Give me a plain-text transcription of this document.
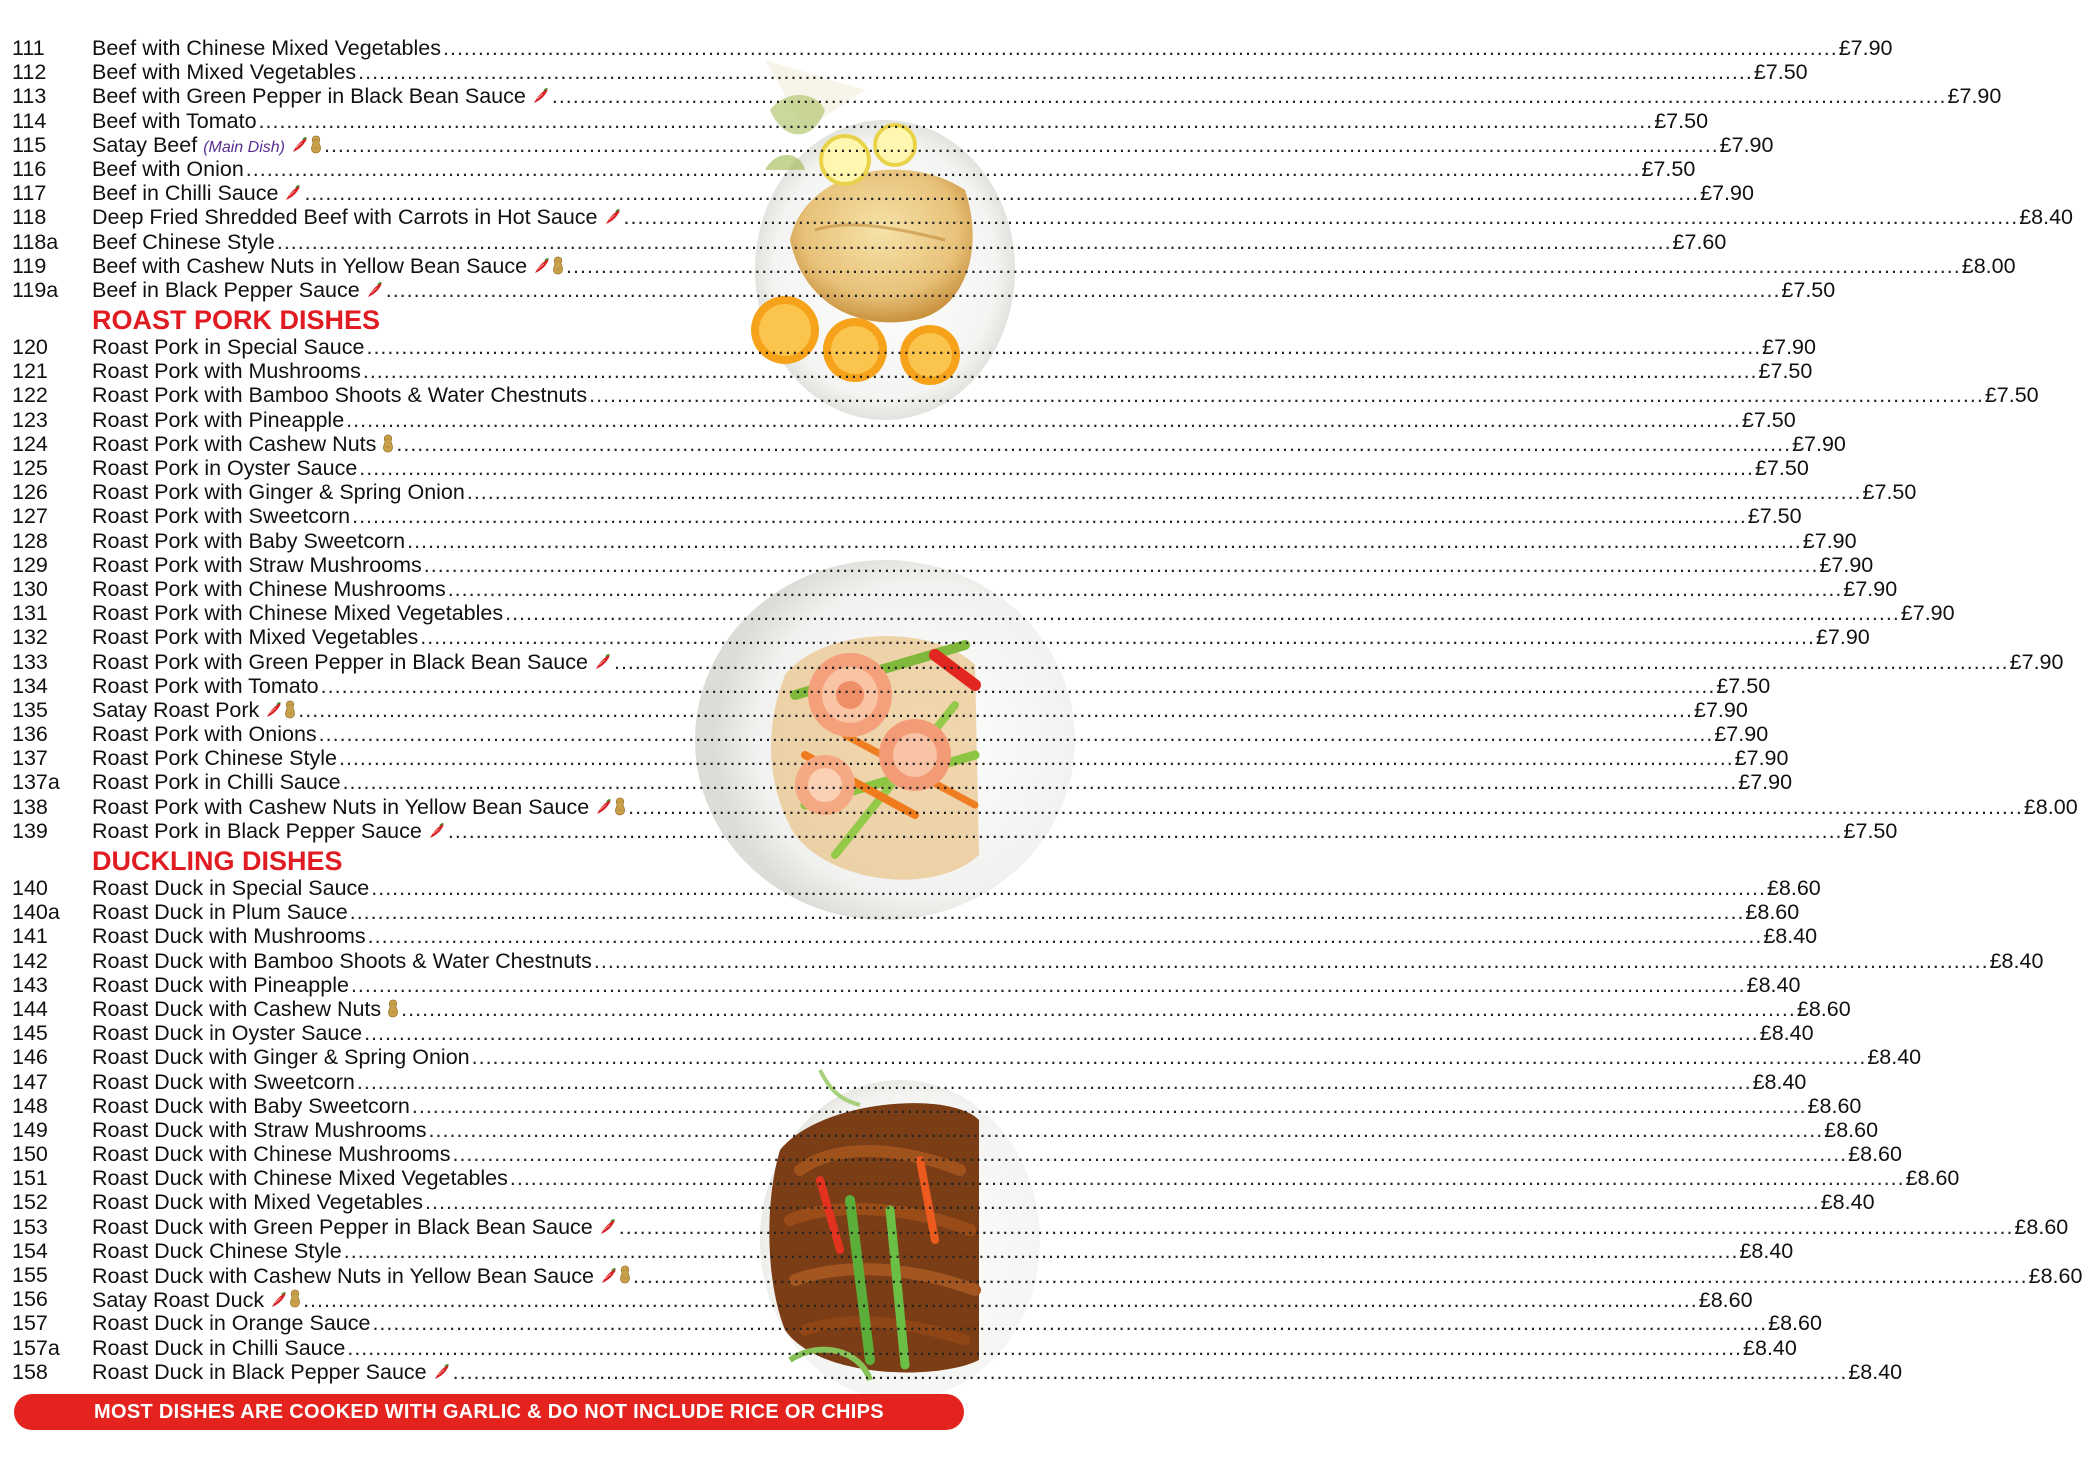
111 Beef with Chinese Mixed Vegetables ........................................................................................................................................................................................................ £7.90
112 Beef with Mixed Vegetables ........................................................................................................................................................................................................ £7.50
113 Beef with Green Pepper in Black Bean Sauce ........................................................................................................................................................................................................ £7.90
114 Beef with Tomato ........................................................................................................................................................................................................ £7.50
115 Satay Beef (Main Dish) ........................................................................................................................................................................................................ £7.90
116 Beef with Onion ........................................................................................................................................................................................................ £7.50
117 Beef in Chilli Sauce ........................................................................................................................................................................................................ £7.90
118 Deep Fried Shredded Beef with Carrots in Hot Sauce ........................................................................................................................................................................................................ £8.40
118a Beef Chinese Style ........................................................................................................................................................................................................ £7.60
119 Beef with Cashew Nuts in Yellow Bean Sauce ........................................................................................................................................................................................................ £8.00
119a Beef in Black Pepper Sauce ........................................................................................................................................................................................................ £7.50
ROAST PORK DISHES
120 Roast Pork in Special Sauce ........................................................................................................................................................................................................ £7.90
121 Roast Pork with Mushrooms ........................................................................................................................................................................................................ £7.50
122 Roast Pork with Bamboo Shoots & Water Chestnuts ........................................................................................................................................................................................................ £7.50
123 Roast Pork with Pineapple ........................................................................................................................................................................................................ £7.50
124 Roast Pork with Cashew Nuts ........................................................................................................................................................................................................ £7.90
125 Roast Pork in Oyster Sauce ........................................................................................................................................................................................................ £7.50
126 Roast Pork with Ginger & Spring Onion ........................................................................................................................................................................................................ £7.50
127 Roast Pork with Sweetcorn ........................................................................................................................................................................................................ £7.50
128 Roast Pork with Baby Sweetcorn ........................................................................................................................................................................................................ £7.90
129 Roast Pork with Straw Mushrooms ........................................................................................................................................................................................................ £7.90
130 Roast Pork with Chinese Mushrooms ........................................................................................................................................................................................................ £7.90
131 Roast Pork with Chinese Mixed Vegetables ........................................................................................................................................................................................................ £7.90
132 Roast Pork with Mixed Vegetables ........................................................................................................................................................................................................ £7.90
133 Roast Pork with Green Pepper in Black Bean Sauce ........................................................................................................................................................................................................ £7.90
134 Roast Pork with Tomato ........................................................................................................................................................................................................ £7.50
135 Satay Roast Pork ........................................................................................................................................................................................................ £7.90
136 Roast Pork with Onions ........................................................................................................................................................................................................ £7.90
137 Roast Pork Chinese Style ........................................................................................................................................................................................................ £7.90
137a Roast Pork in Chilli Sauce ........................................................................................................................................................................................................ £7.90
138 Roast Pork with Cashew Nuts in Yellow Bean Sauce ........................................................................................................................................................................................................ £8.00
139 Roast Pork in Black Pepper Sauce ........................................................................................................................................................................................................ £7.50
DUCKLING DISHES
140 Roast Duck in Special Sauce ........................................................................................................................................................................................................ £8.60
140a Roast Duck in Plum Sauce ........................................................................................................................................................................................................ £8.60
141 Roast Duck with Mushrooms ........................................................................................................................................................................................................ £8.40
142 Roast Duck with Bamboo Shoots & Water Chestnuts ........................................................................................................................................................................................................ £8.40
143 Roast Duck with Pineapple ........................................................................................................................................................................................................ £8.40
144 Roast Duck with Cashew Nuts ........................................................................................................................................................................................................ £8.60
145 Roast Duck in Oyster Sauce ........................................................................................................................................................................................................ £8.40
146 Roast Duck with Ginger & Spring Onion ........................................................................................................................................................................................................ £8.40
147 Roast Duck with Sweetcorn ........................................................................................................................................................................................................ £8.40
148 Roast Duck with Baby Sweetcorn ........................................................................................................................................................................................................ £8.60
149 Roast Duck with Straw Mushrooms ........................................................................................................................................................................................................ £8.60
150 Roast Duck with Chinese Mushrooms ........................................................................................................................................................................................................ £8.60
151 Roast Duck with Chinese Mixed Vegetables ........................................................................................................................................................................................................ £8.60
152 Roast Duck with Mixed Vegetables ........................................................................................................................................................................................................ £8.40
153 Roast Duck with Green Pepper in Black Bean Sauce ........................................................................................................................................................................................................ £8.60
154 Roast Duck Chinese Style ........................................................................................................................................................................................................ £8.40
155 Roast Duck with Cashew Nuts in Yellow Bean Sauce ........................................................................................................................................................................................................ £8.60
156 Satay Roast Duck ........................................................................................................................................................................................................ £8.60
157 Roast Duck in Orange Sauce ........................................................................................................................................................................................................ £8.60
157a Roast Duck in Chilli Sauce ........................................................................................................................................................................................................ £8.40
158 Roast Duck in Black Pepper Sauce ........................................................................................................................................................................................................ £8.40
MOST DISHES ARE COOKED WITH GARLIC & DO NOT INCLUDE RICE OR CHIPS
